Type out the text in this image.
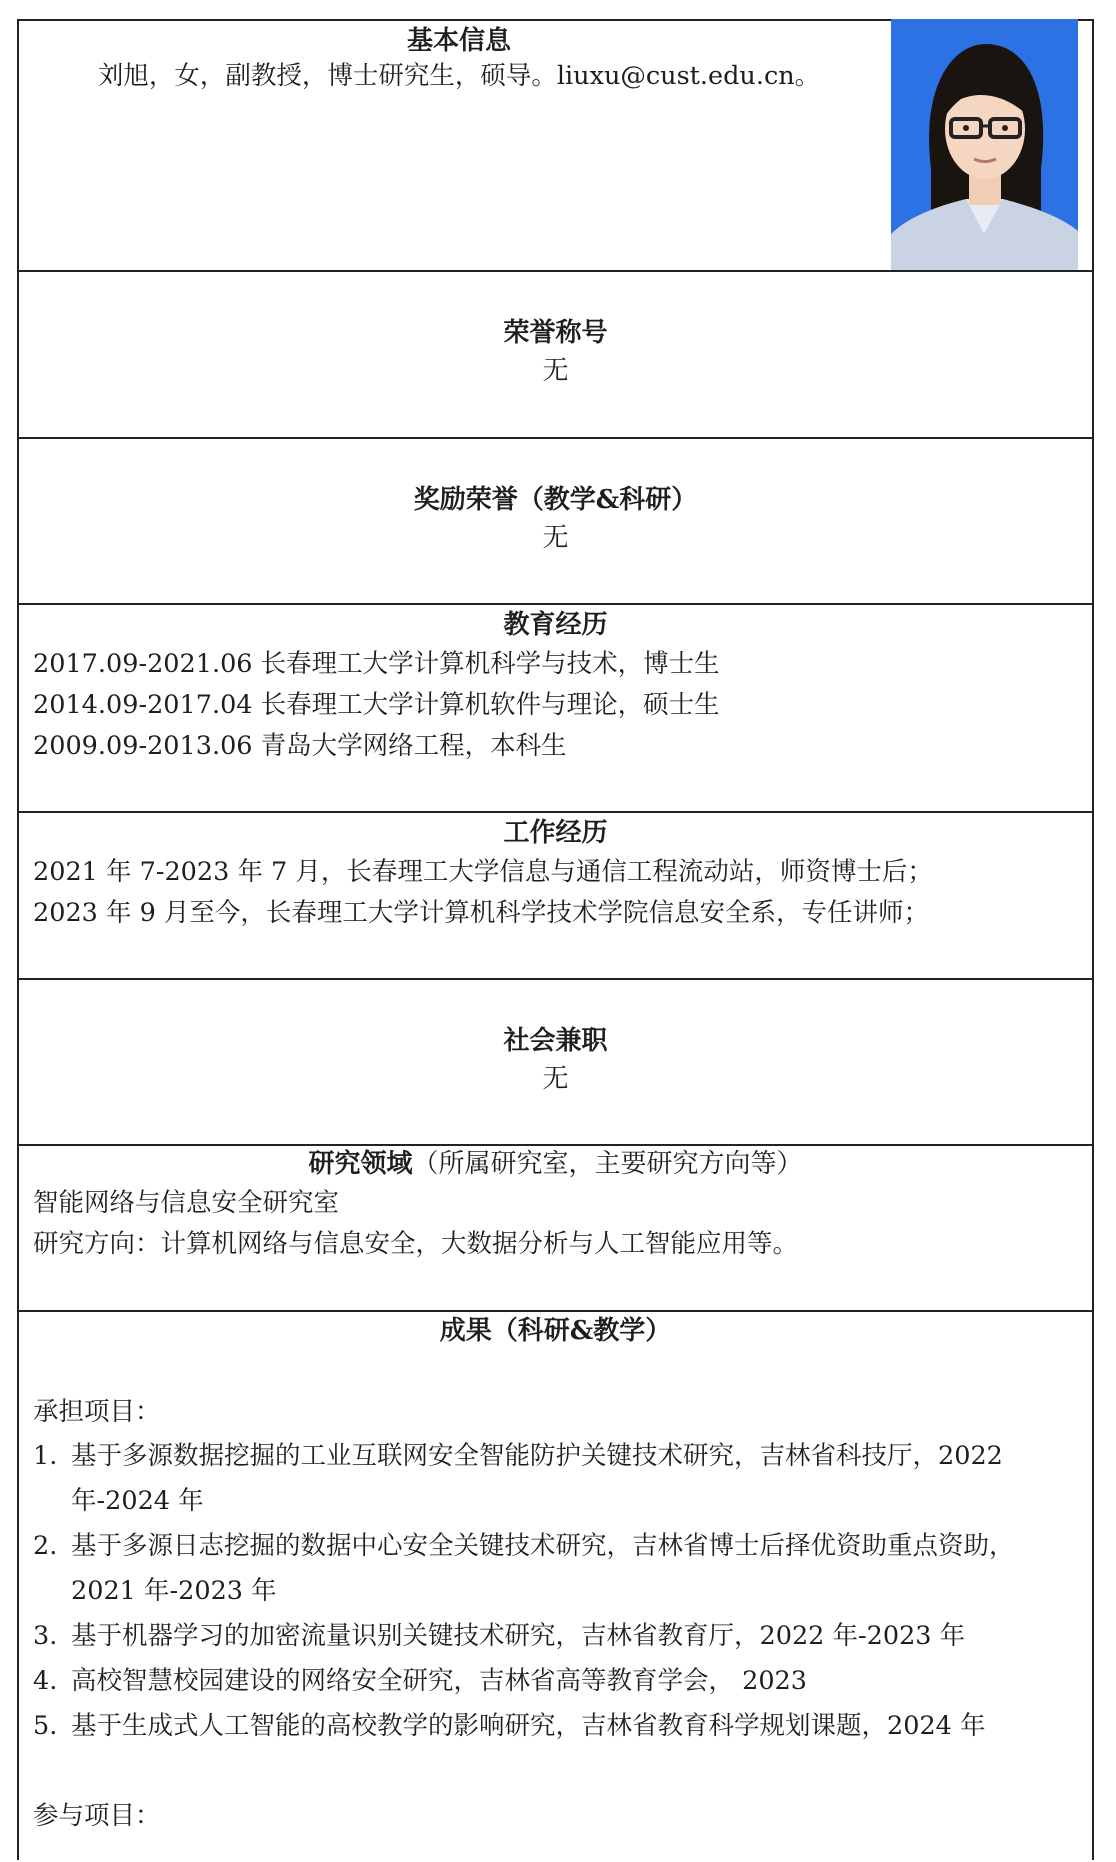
基本信息
刘旭，女，副教授，博士研究生，硕导。liuxu@cust.edu.cn。
荣誉称号
无
奖励荣誉（教学&科研）
无
教育经历
2017.09-2021.06 长春理工大学计算机科学与技术，博士生
2014.09-2017.04 长春理工大学计算机软件与理论，硕士生
2009.09-2013.06 青岛大学网络工程，本科生
工作经历
2021 年 7-2023 年 7 月，长春理工大学信息与通信工程流动站，师资博士后；
2023 年 9 月至今，长春理工大学计算机科学技术学院信息安全系，专任讲师；
社会兼职
无
研究领域（所属研究室，主要研究方向等）
智能网络与信息安全研究室
研究方向：计算机网络与信息安全，大数据分析与人工智能应用等。
成果（科研&教学）
承担项目：
1. 基于多源数据挖掘的工业互联网安全智能防护关键技术研究，吉林省科技厅，2022
年-2024 年
2. 基于多源日志挖掘的数据中心安全关键技术研究，吉林省博士后择优资助重点资助，
2021 年-2023 年
3. 基于机器学习的加密流量识别关键技术研究，吉林省教育厅，2022 年-2023 年
4. 高校智慧校园建设的网络安全研究，吉林省高等教育学会， 2023
5. 基于生成式人工智能的高校教学的影响研究，吉林省教育科学规划课题，2024 年
参与项目：
